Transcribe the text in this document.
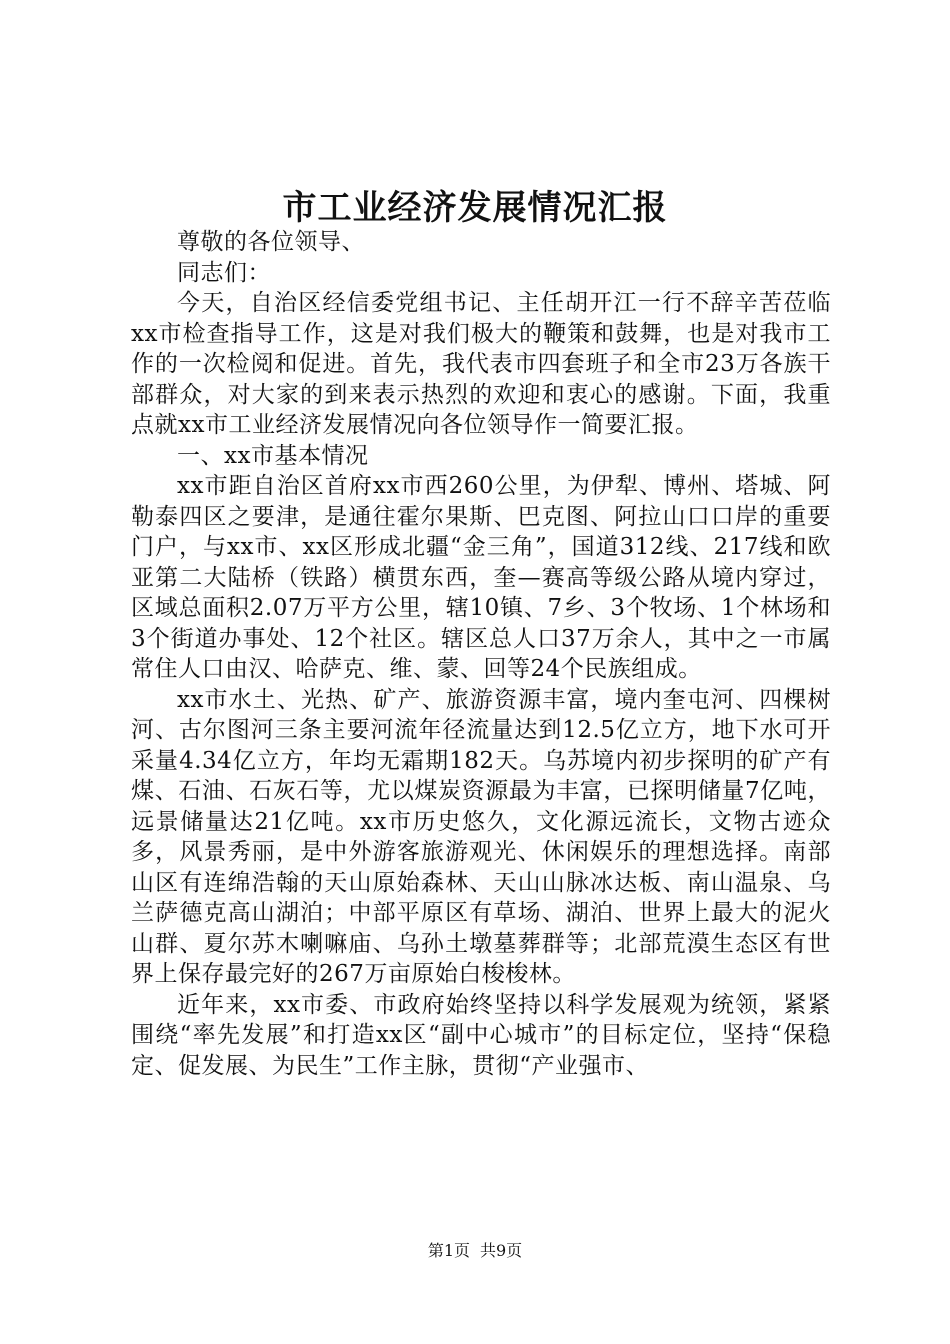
市工业经济发展情况汇报

尊敬的各位领导、

同志们：

今天，自治区经信委党组书记、主任胡开江一行不辞辛苦莅临xx市检查指导工作，这是对我们极大的鞭策和鼓舞，也是对我市工作的一次检阅和促进。首先，我代表市四套班子和全市23万各族干部群众，对大家的到来表示热烈的欢迎和衷心的感谢。下面，我重点就xx市工业经济发展情况向各位领导作一简要汇报。

一、xx市基本情况

xx市距自治区首府xx市西260公里，为伊犁、博州、塔城、阿勒泰四区之要津，是通往霍尔果斯、巴克图、阿拉山口口岸的重要门户，与xx市、xx区形成北疆“金三角”，国道312线、217线和欧亚第二大陆桥（铁路）横贯东西，奎—赛高等级公路从境内穿过，区域总面积2.07万平方公里，辖10镇、7乡、3个牧场、1个林场和3个街道办事处、12个社区。辖区总人口37万余人，其中之一市属常住人口由汉、哈萨克、维、蒙、回等24个民族组成。

xx市水土、光热、矿产、旅游资源丰富，境内奎屯河、四棵树河、古尔图河三条主要河流年径流量达到12.5亿立方，地下水可开采量4.34亿立方，年均无霜期182天。乌苏境内初步探明的矿产有煤、石油、石灰石等，尤以煤炭资源最为丰富，已探明储量7亿吨，远景储量达21亿吨。xx市历史悠久，文化源远流长，文物古迹众多，风景秀丽，是中外游客旅游观光、休闲娱乐的理想选择。南部山区有连绵浩翰的天山原始森林、天山山脉冰达板、南山温泉、乌兰萨德克高山湖泊；中部平原区有草场、湖泊、世界上最大的泥火山群、夏尔苏木喇嘛庙、乌孙土墩墓葬群等；北部荒漠生态区有世界上保存最完好的267万亩原始白梭梭林。

近年来，xx市委、市政府始终坚持以科学发展观为统领，紧紧围绕“率先发展”和打造xx区“副中心城市”的目标定位，坚持“保稳定、促发展、为民生”工作主脉，贯彻“产业强市、

第1页 共9页
